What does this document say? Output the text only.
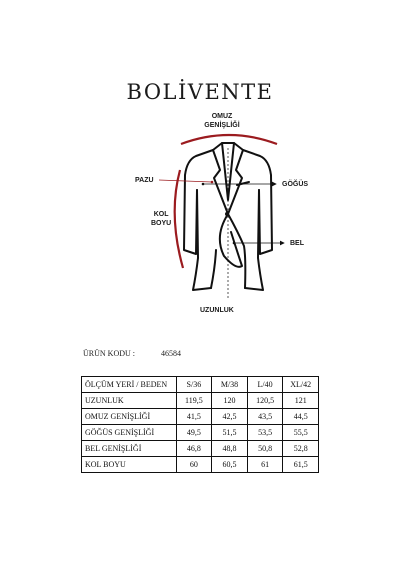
BOLİVENTE
OMUZ
GENİŞLİĞİ
PAZU
GÖĞÜS
KOL
BOYU
BEL
UZUNLUK
ÜRÜN KODU :	46584
ÖLÇÜM YERİ / BEDEN	S/36	M/38	L/40	XL/42
UZUNLUK	119,5	120	120,5	121
OMUZ GENİŞLİĞİ	41,5	42,5	43,5	44,5
GÖĞÜS GENİŞLİĞİ	49,5	51,5	53,5	55,5
BEL GENİŞLİĞİ	46,8	48,8	50,8	52,8
KOL BOYU	60	60,5	61	61,5
